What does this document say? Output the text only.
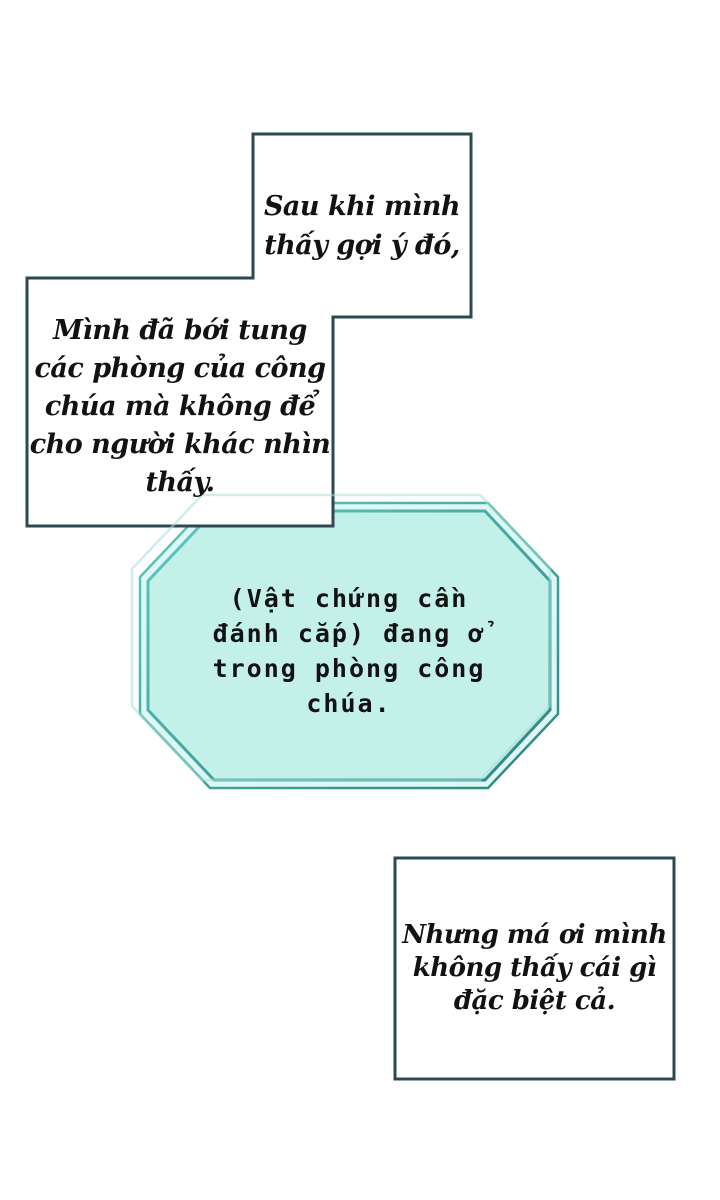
Sau khi mình
thấy gợi ý đó,
Mình đã bới tung
các phòng của công
chúa mà không để
cho người khác nhìn
thấy.
(Vật chứng cần
đánh cắp) đang ở
trong phòng công
chúa.
Nhưng má ơi mình
không thấy cái gì
đặc biệt cả.
